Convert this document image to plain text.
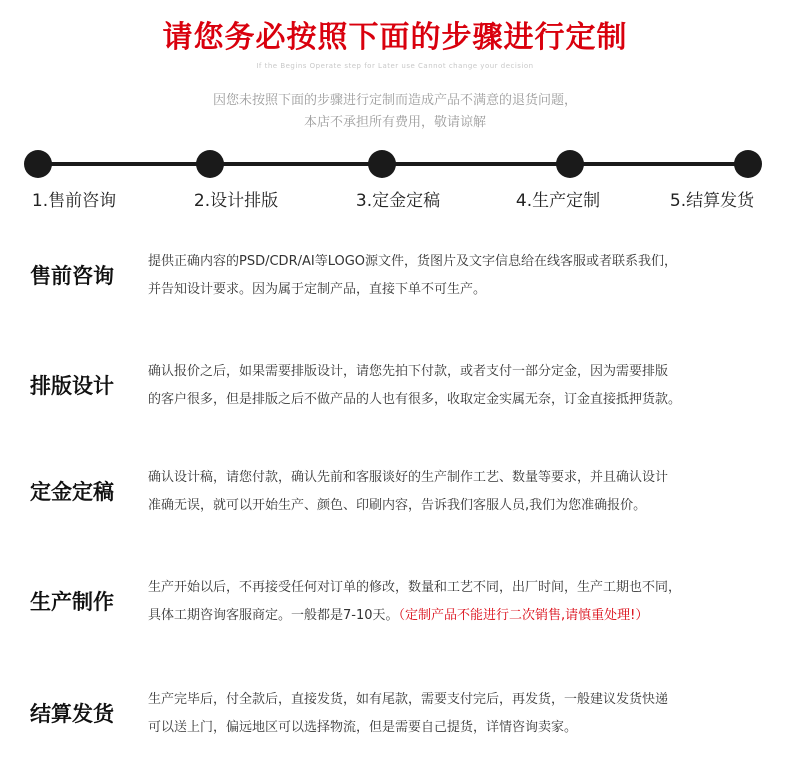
请您务必按照下面的步骤进行定制
If the Begins Operate step for Later use Cannot change your decision
因您未按照下面的步骤进行定制而造成产品不满意的退货问题，
本店不承担所有费用，敬请谅解
1.售前咨询	2.设计排版	3.定金定稿	4.生产定制	5.结算发货
售前咨询
提供正确内容的PSD/CDR/AI等LOGO源文件，货图片及文字信息给在线客服或者联系我们，
并告知设计要求。因为属于定制产品，直接下单不可生产。
排版设计
确认报价之后，如果需要排版设计，请您先拍下付款，或者支付一部分定金，因为需要排版
的客户很多，但是排版之后不做产品的人也有很多，收取定金实属无奈，订金直接抵押货款。
定金定稿
确认设计稿，请您付款，确认先前和客服谈好的生产制作工艺、数量等要求，并且确认设计
准确无误，就可以开始生产、颜色、印刷内容，告诉我们客服人员,我们为您准确报价。
生产制作
生产开始以后，不再接受任何对订单的修改，数量和工艺不同，出厂时间，生产工期也不同，
具体工期咨询客服商定。一般都是7-10天。（定制产品不能进行二次销售,请慎重处理!）
结算发货
生产完毕后，付全款后，直接发货，如有尾款，需要支付完后，再发货，一般建议发货快递
可以送上门，偏远地区可以选择物流，但是需要自己提货，详情咨询卖家。
